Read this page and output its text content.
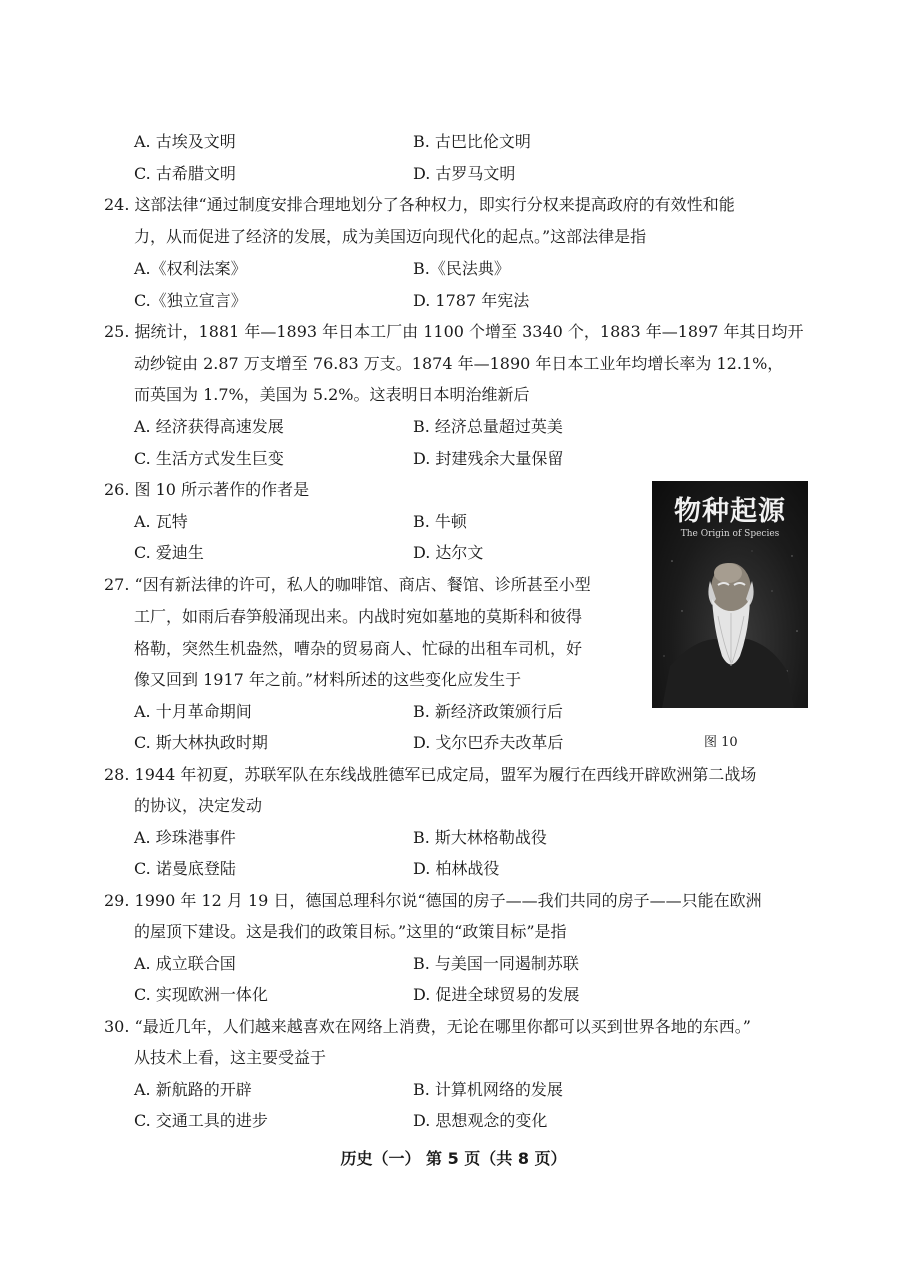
A. 古埃及文明	B. 古巴比伦文明
C. 古希腊文明	D. 古罗马文明
24. 这部法律“通过制度安排合理地划分了各种权力，即实行分权来提高政府的有效性和能
力，从而促进了经济的发展，成为美国迈向现代化的起点。”这部法律是指
A.《权利法案》	B.《民法典》
C.《独立宣言》	D. 1787 年宪法
25. 据统计，1881 年—1893 年日本工厂由 1100 个增至 3340 个，1883 年—1897 年其日均开
动纱锭由 2.87 万支增至 76.83 万支。1874 年—1890 年日本工业年均增长率为 12.1%，
而英国为 1.7%，美国为 5.2%。这表明日本明治维新后
A. 经济获得高速发展	B. 经济总量超过英美
C. 生活方式发生巨变	D. 封建残余大量保留
26. 图 10 所示著作的作者是
A. 瓦特	B. 牛顿
C. 爱迪生	D. 达尔文
27. “因有新法律的许可，私人的咖啡馆、商店、餐馆、诊所甚至小型
工厂，如雨后春笋般涌现出来。内战时宛如墓地的莫斯科和彼得
格勒，突然生机盎然，嘈杂的贸易商人、忙碌的出租车司机，好
像又回到 1917 年之前。”材料所述的这些变化应发生于
A. 十月革命期间	B. 新经济政策颁行后
C. 斯大林执政时期	D. 戈尔巴乔夫改革后
物种起源
The Origin of Species
图 10
28. 1944 年初夏，苏联军队在东线战胜德军已成定局，盟军为履行在西线开辟欧洲第二战场
的协议，决定发动
A. 珍珠港事件	B. 斯大林格勒战役
C. 诺曼底登陆	D. 柏林战役
29. 1990 年 12 月 19 日，德国总理科尔说“德国的房子——我们共同的房子——只能在欧洲
的屋顶下建设。这是我们的政策目标。”这里的“政策目标”是指
A. 成立联合国	B. 与美国一同遏制苏联
C. 实现欧洲一体化	D. 促进全球贸易的发展
30. “最近几年，人们越来越喜欢在网络上消费，无论在哪里你都可以买到世界各地的东西。”
从技术上看，这主要受益于
A. 新航路的开辟	B. 计算机网络的发展
C. 交通工具的进步	D. 思想观念的变化
历史（一） 第 5 页（共 8 页）
